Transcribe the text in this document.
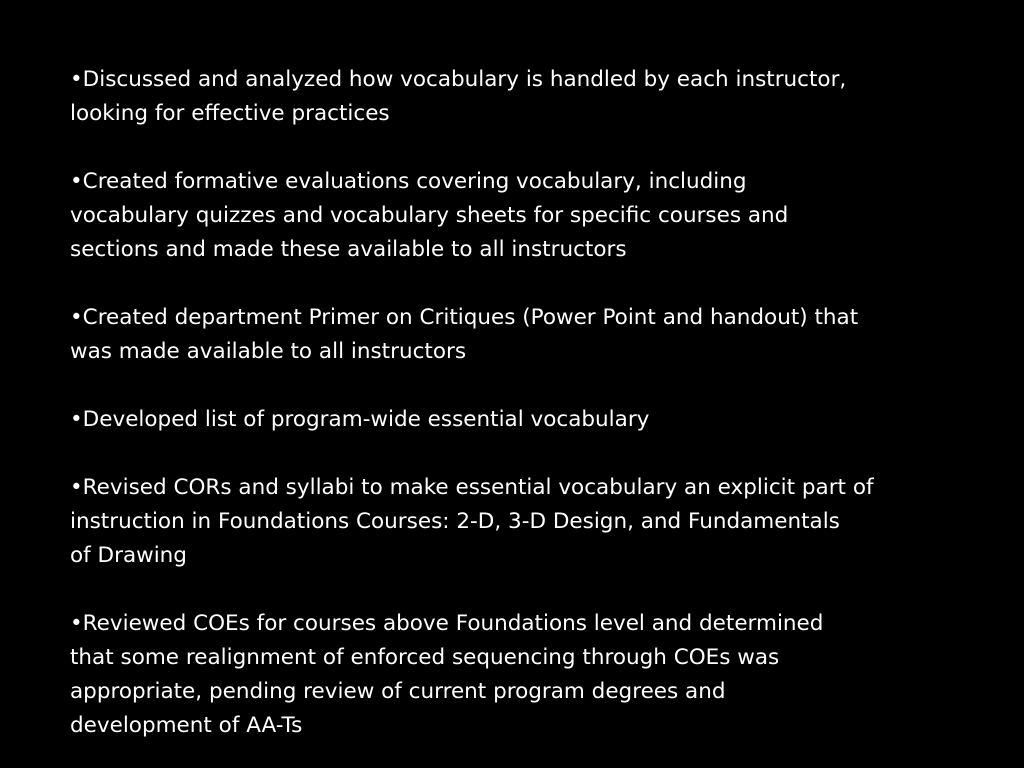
•Discussed and analyzed how vocabulary is handled by each instructor,
looking for effective practices
•Created formative evaluations covering vocabulary, including
vocabulary quizzes and vocabulary sheets for specific courses and
sections and made these available to all instructors
•Created department Primer on Critiques (Power Point and handout) that
was made available to all instructors
•Developed list of program-wide essential vocabulary
•Revised CORs and syllabi to make essential vocabulary an explicit part of
instruction in Foundations Courses: 2-D, 3-D Design, and Fundamentals
of Drawing
•Reviewed COEs for courses above Foundations level and determined
that some realignment of enforced sequencing through COEs was
appropriate, pending review of current program degrees and
development of AA-Ts
